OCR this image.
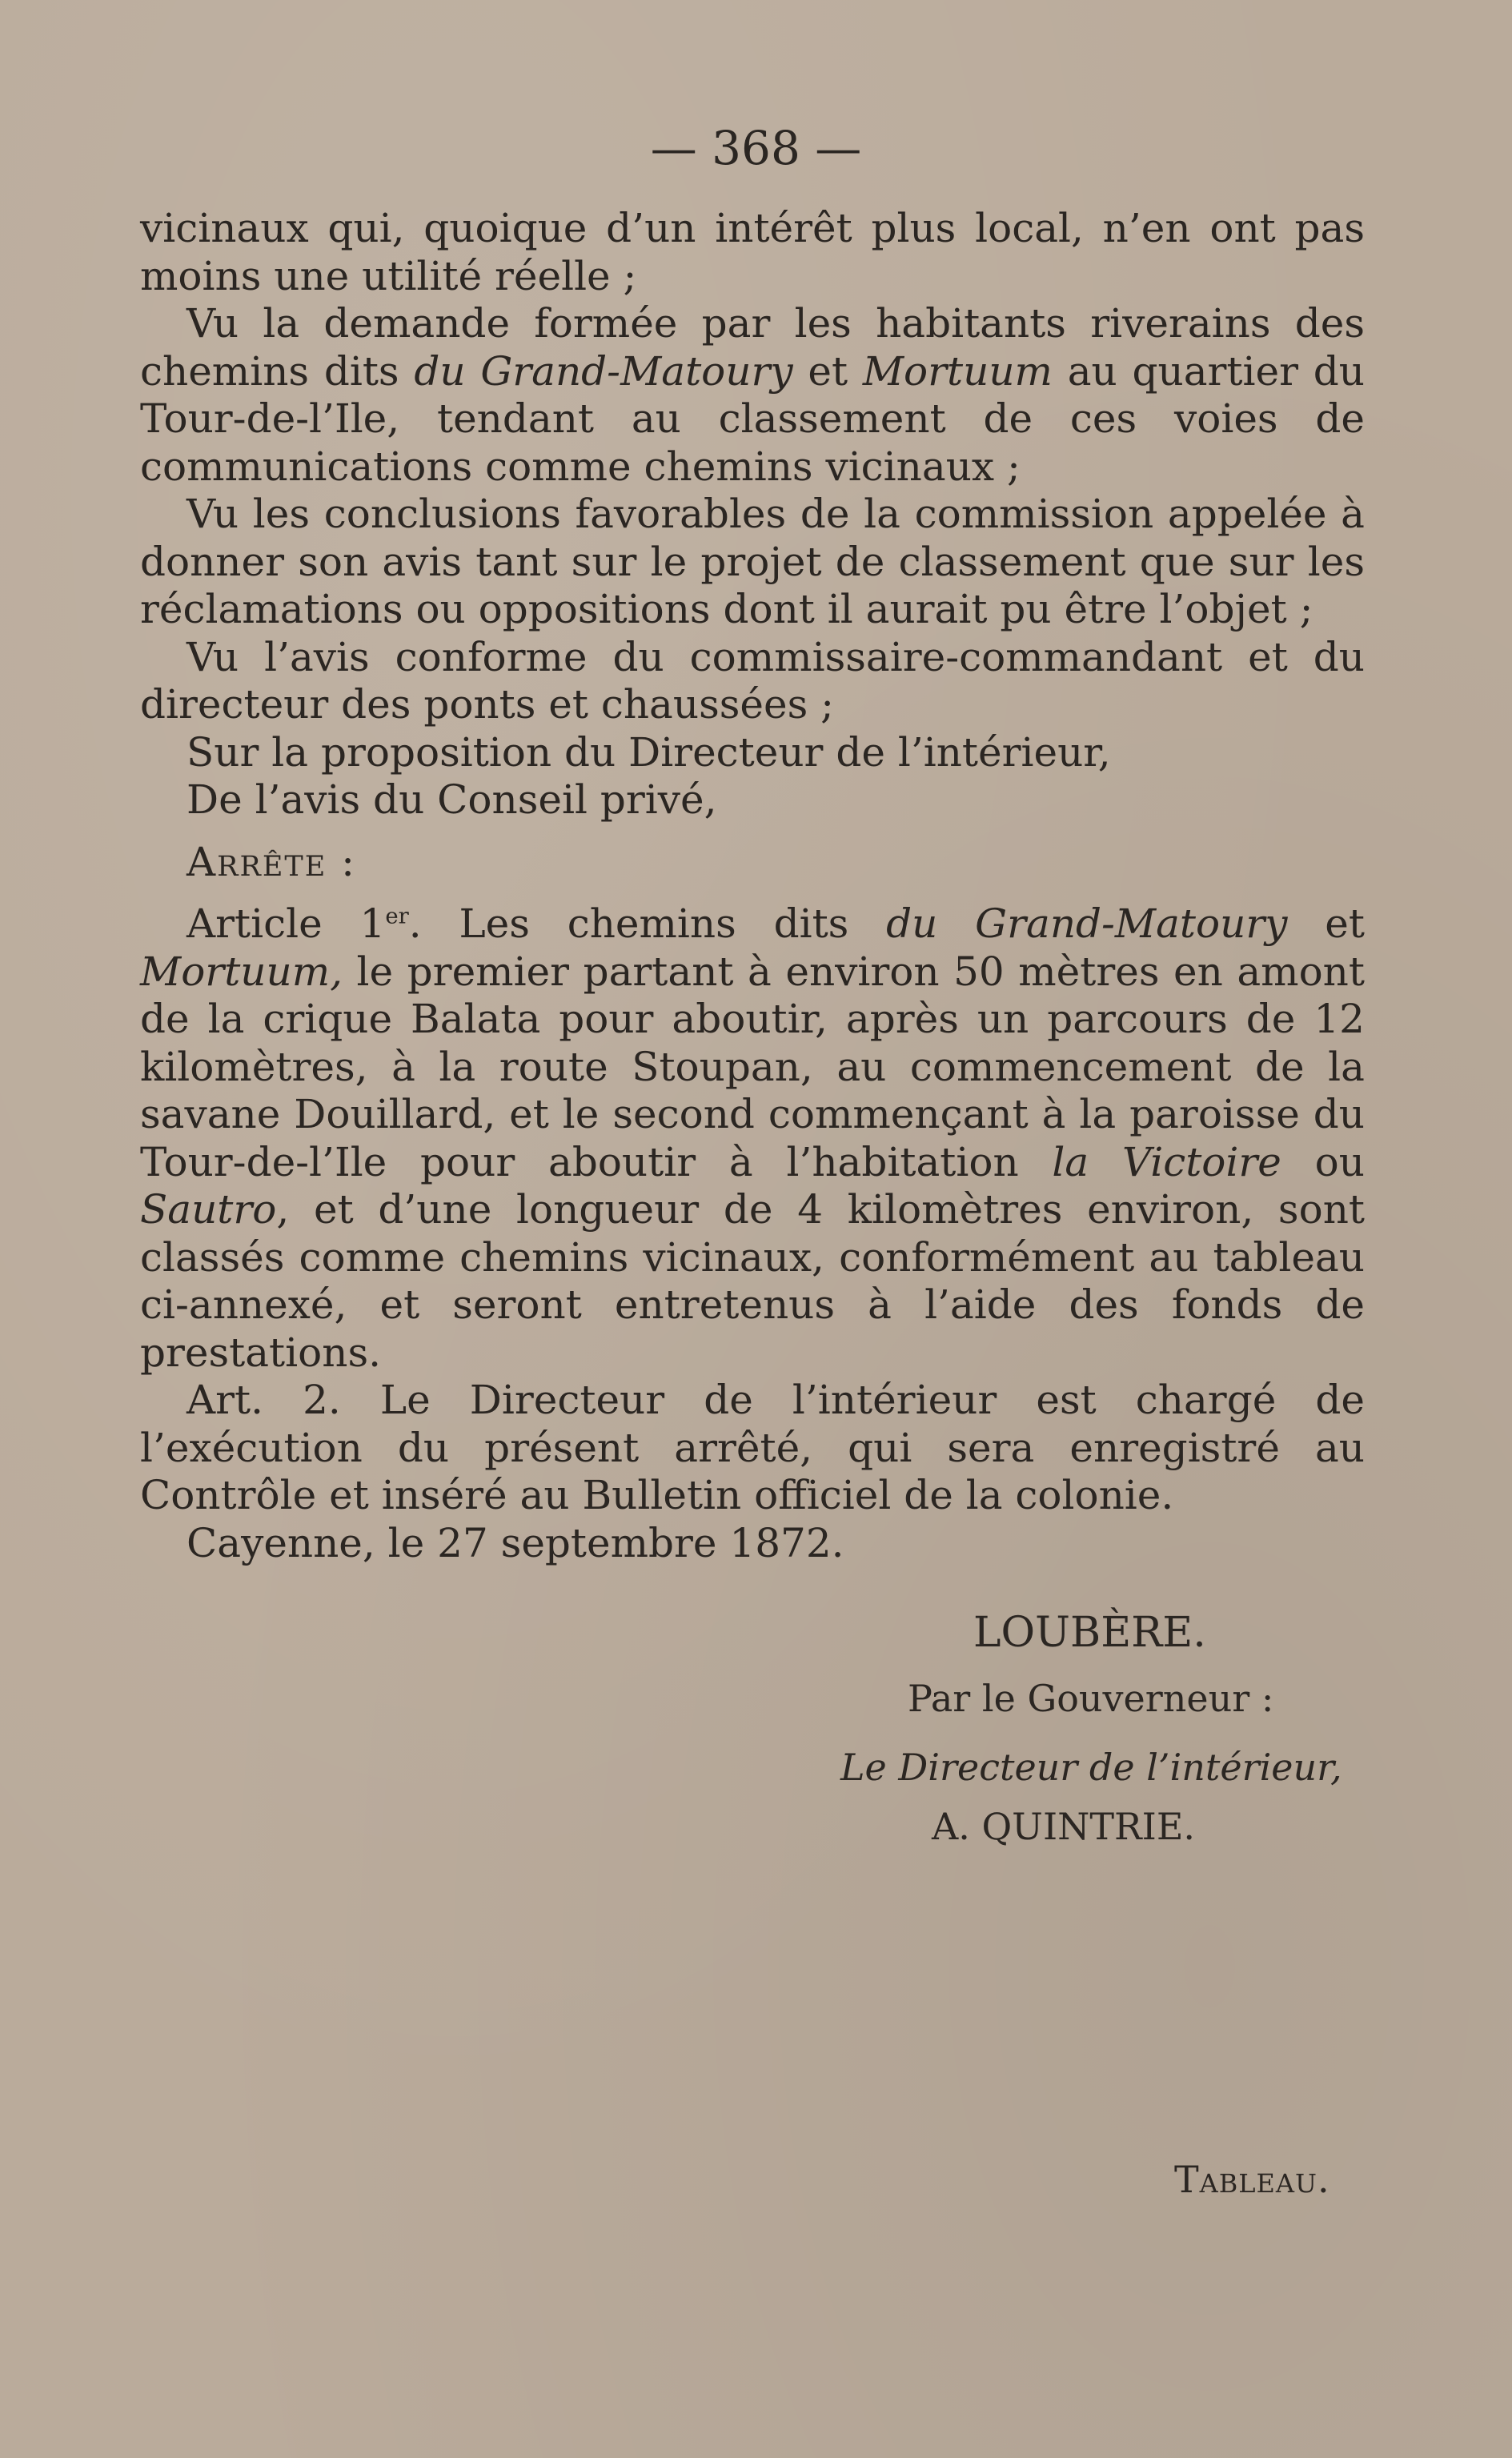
— 368 —

vicinaux qui, quoique d’un intérêt plus local, n’en ont pas moins une utilité réelle ;

Vu la demande formée par les habitants riverains des chemins dits du Grand-Matoury et Mortuum au quartier du Tour-de-l’Ile, tendant au classement de ces voies de communications comme chemins vicinaux ;

Vu les conclusions favorables de la commission appelée à donner son avis tant sur le projet de classement que sur les réclamations ou oppositions dont il aurait pu être l’objet ;

Vu l’avis conforme du commissaire-commandant et du directeur des ponts et chaussées ;

Sur la proposition du Directeur de l’intérieur,

De l’avis du Conseil privé,

Arrête :

Article 1er. Les chemins dits du Grand-Matoury et Mortuum, le premier partant à environ 50 mètres en amont de la crique Balata pour aboutir, après un parcours de 12 kilomètres, à la route Stoupan, au commencement de la savane Douillard, et le second commençant à la paroisse du Tour-de-l’Ile pour aboutir à l’habitation la Victoire ou Sautro, et d’une longueur de 4 kilomètres environ, sont classés comme chemins vicinaux, conformément au tableau ci-annexé, et seront entretenus à l’aide des fonds de prestations.

Art. 2. Le Directeur de l’intérieur est chargé de l’exécution du présent arrêté, qui sera enregistré au Contrôle et inséré au Bulletin officiel de la colonie.

Cayenne, le 27 septembre 1872.

LOUBÈRE.
Par le Gouverneur :
Le Directeur de l’intérieur,
A. QUINTRIE.
Tableau.
